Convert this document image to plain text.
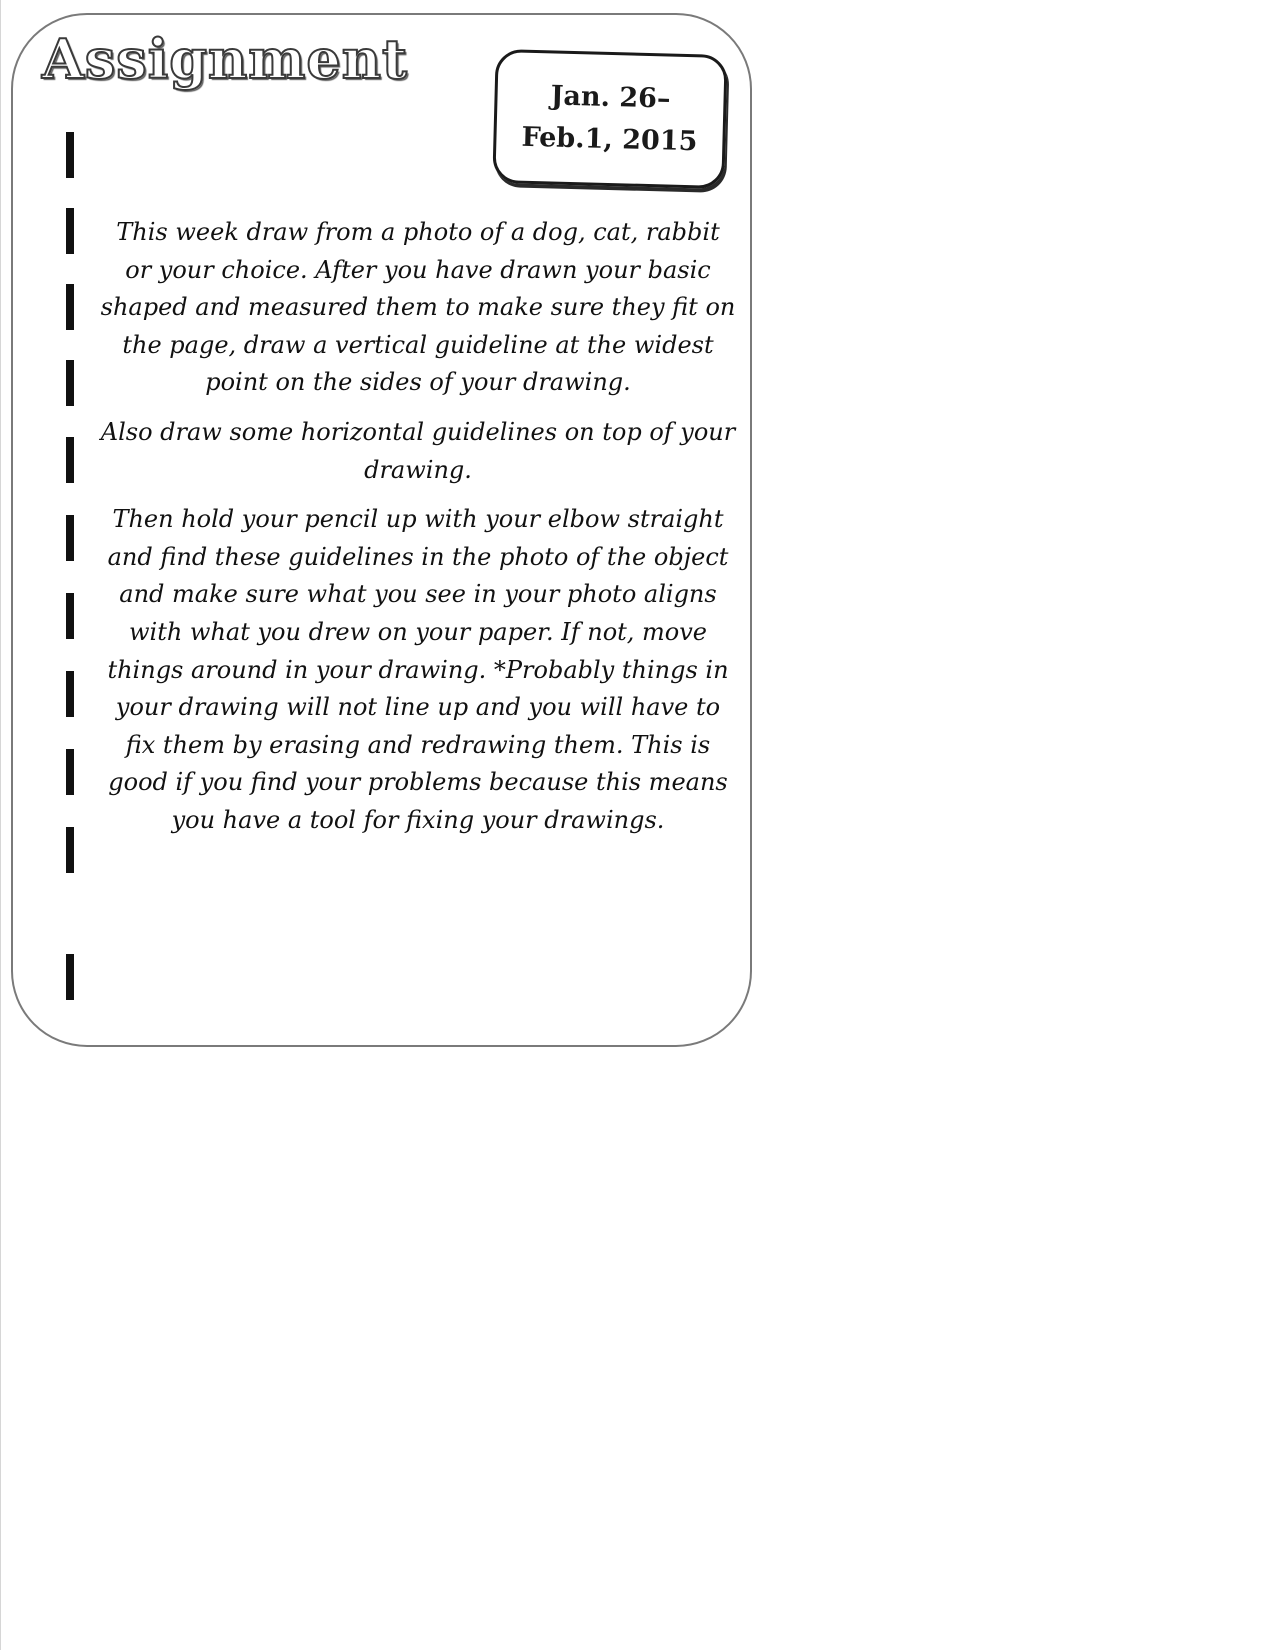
Assignment
Jan. 26–
Feb.1, 2015

This week draw from a photo of a dog, cat, rabbit or your choice. After you have drawn your basic shaped and measured them to make sure they fit on the page, draw a vertical guideline at the widest point on the sides of your drawing.

Also draw some horizontal guidelines on top of your drawing.

Then hold your pencil up with your elbow straight and find these guidelines in the photo of the object and make sure what you see in your photo aligns with what you drew on your paper. If not, move things around in your drawing. *Probably things in your drawing will not line up and you will have to fix them by erasing and redrawing them. This is good if you find your problems because this means you have a tool for fixing your drawings.
